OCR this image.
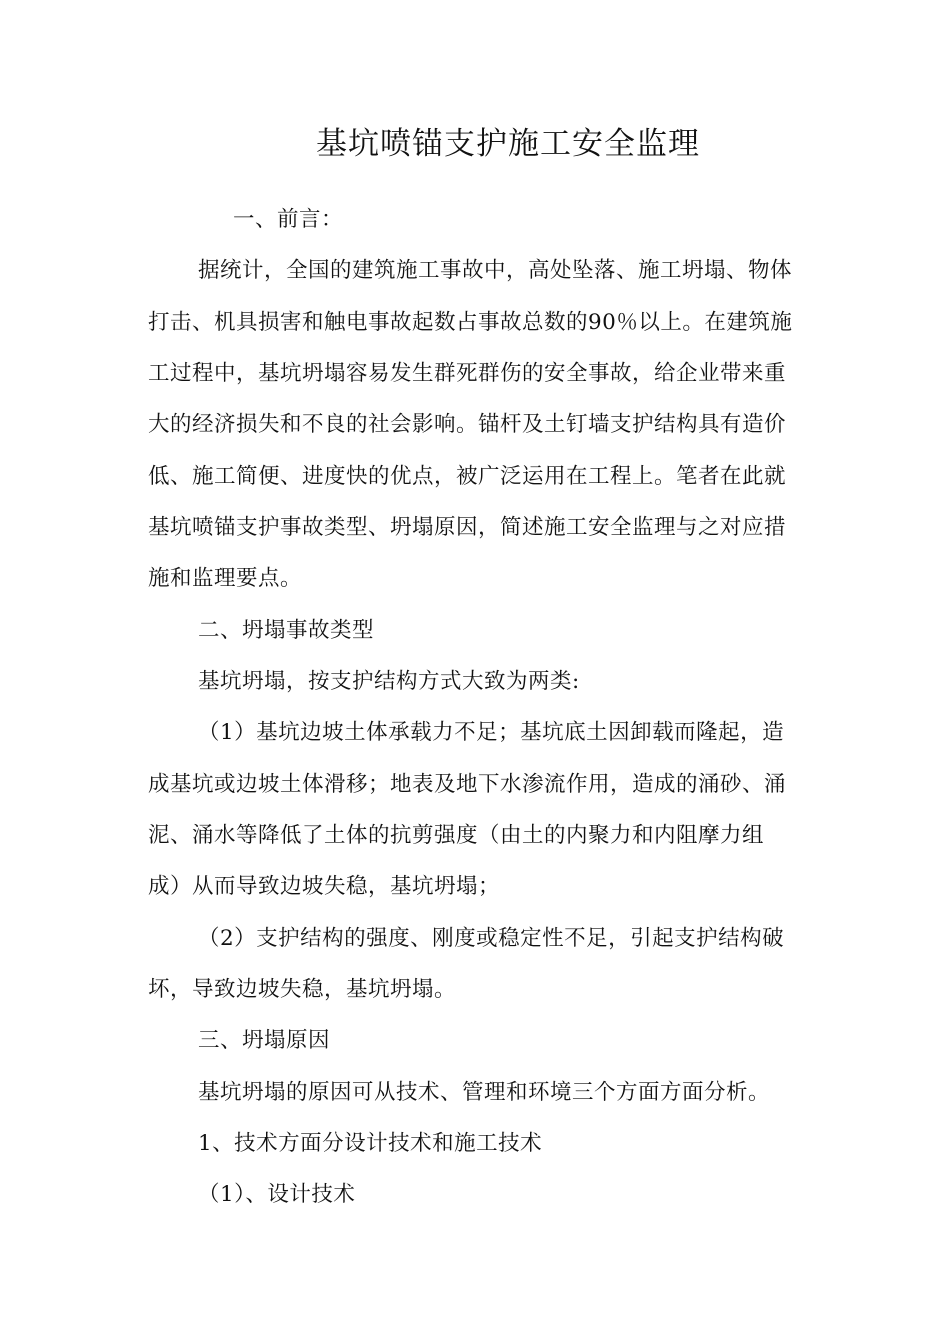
基坑喷锚支护施工安全监理
一、前言：
据统计，全国的建筑施工事故中，高处坠落、施工坍塌、物体
打击、机具损害和触电事故起数占事故总数的90％以上。在建筑施
工过程中，基坑坍塌容易发生群死群伤的安全事故，给企业带来重
大的经济损失和不良的社会影响。锚杆及土钉墙支护结构具有造价
低、施工简便、进度快的优点，被广泛运用在工程上。笔者在此就
基坑喷锚支护事故类型、坍塌原因，简述施工安全监理与之对应措
施和监理要点。
二、坍塌事故类型
基坑坍塌，按支护结构方式大致为两类:
（1）基坑边坡土体承载力不足；基坑底土因卸载而隆起，造
成基坑或边坡土体滑移；地表及地下水渗流作用，造成的涌砂、涌
泥、涌水等降低了土体的抗剪强度（由土的内聚力和内阻摩力组
成）从而导致边坡失稳，基坑坍塌；
（2）支护结构的强度、刚度或稳定性不足，引起支护结构破
坏，导致边坡失稳，基坑坍塌。
三、坍塌原因
基坑坍塌的原因可从技术、管理和环境三个方面方面分析。
1、技术方面分设计技术和施工技术
（1）、设计技术
